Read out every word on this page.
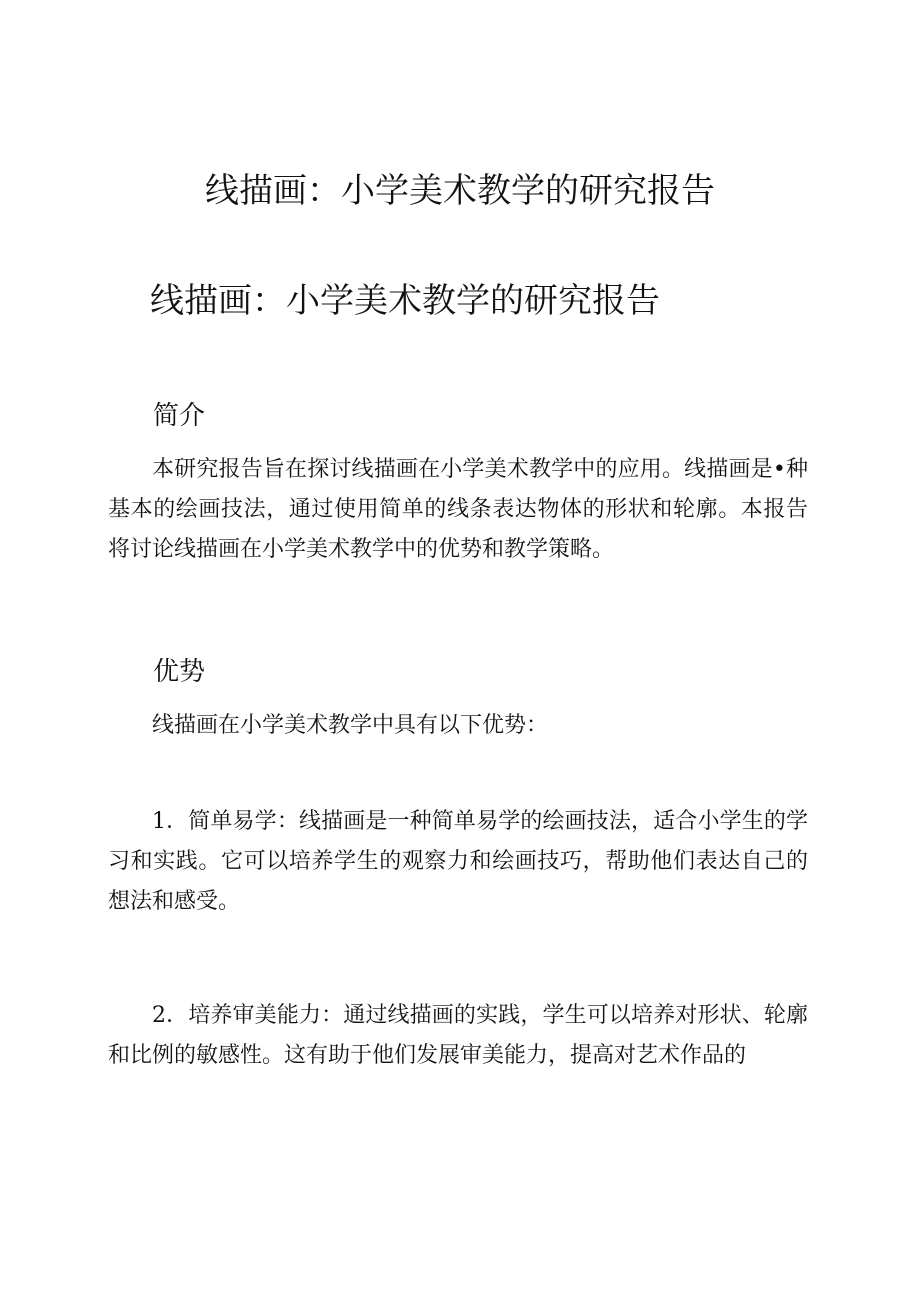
线描画：小学美术教学的研究报告
线描画：小学美术教学的研究报告
简介

本研究报告旨在探讨线描画在小学美术教学中的应用。线描画是•种基本的绘画技法，通过使用简单的线条表达物体的形状和轮廓。本报告将讨论线描画在小学美术教学中的优势和教学策略。

优势

线描画在小学美术教学中具有以下优势：

1．简单易学：线描画是一种简单易学的绘画技法，适合小学生的学习和实践。它可以培养学生的观察力和绘画技巧，帮助他们表达自己的想法和感受。

2．培养审美能力：通过线描画的实践，学生可以培养对形状、轮廓和比例的敏感性。这有助于他们发展审美能力，提高对艺术作品的
